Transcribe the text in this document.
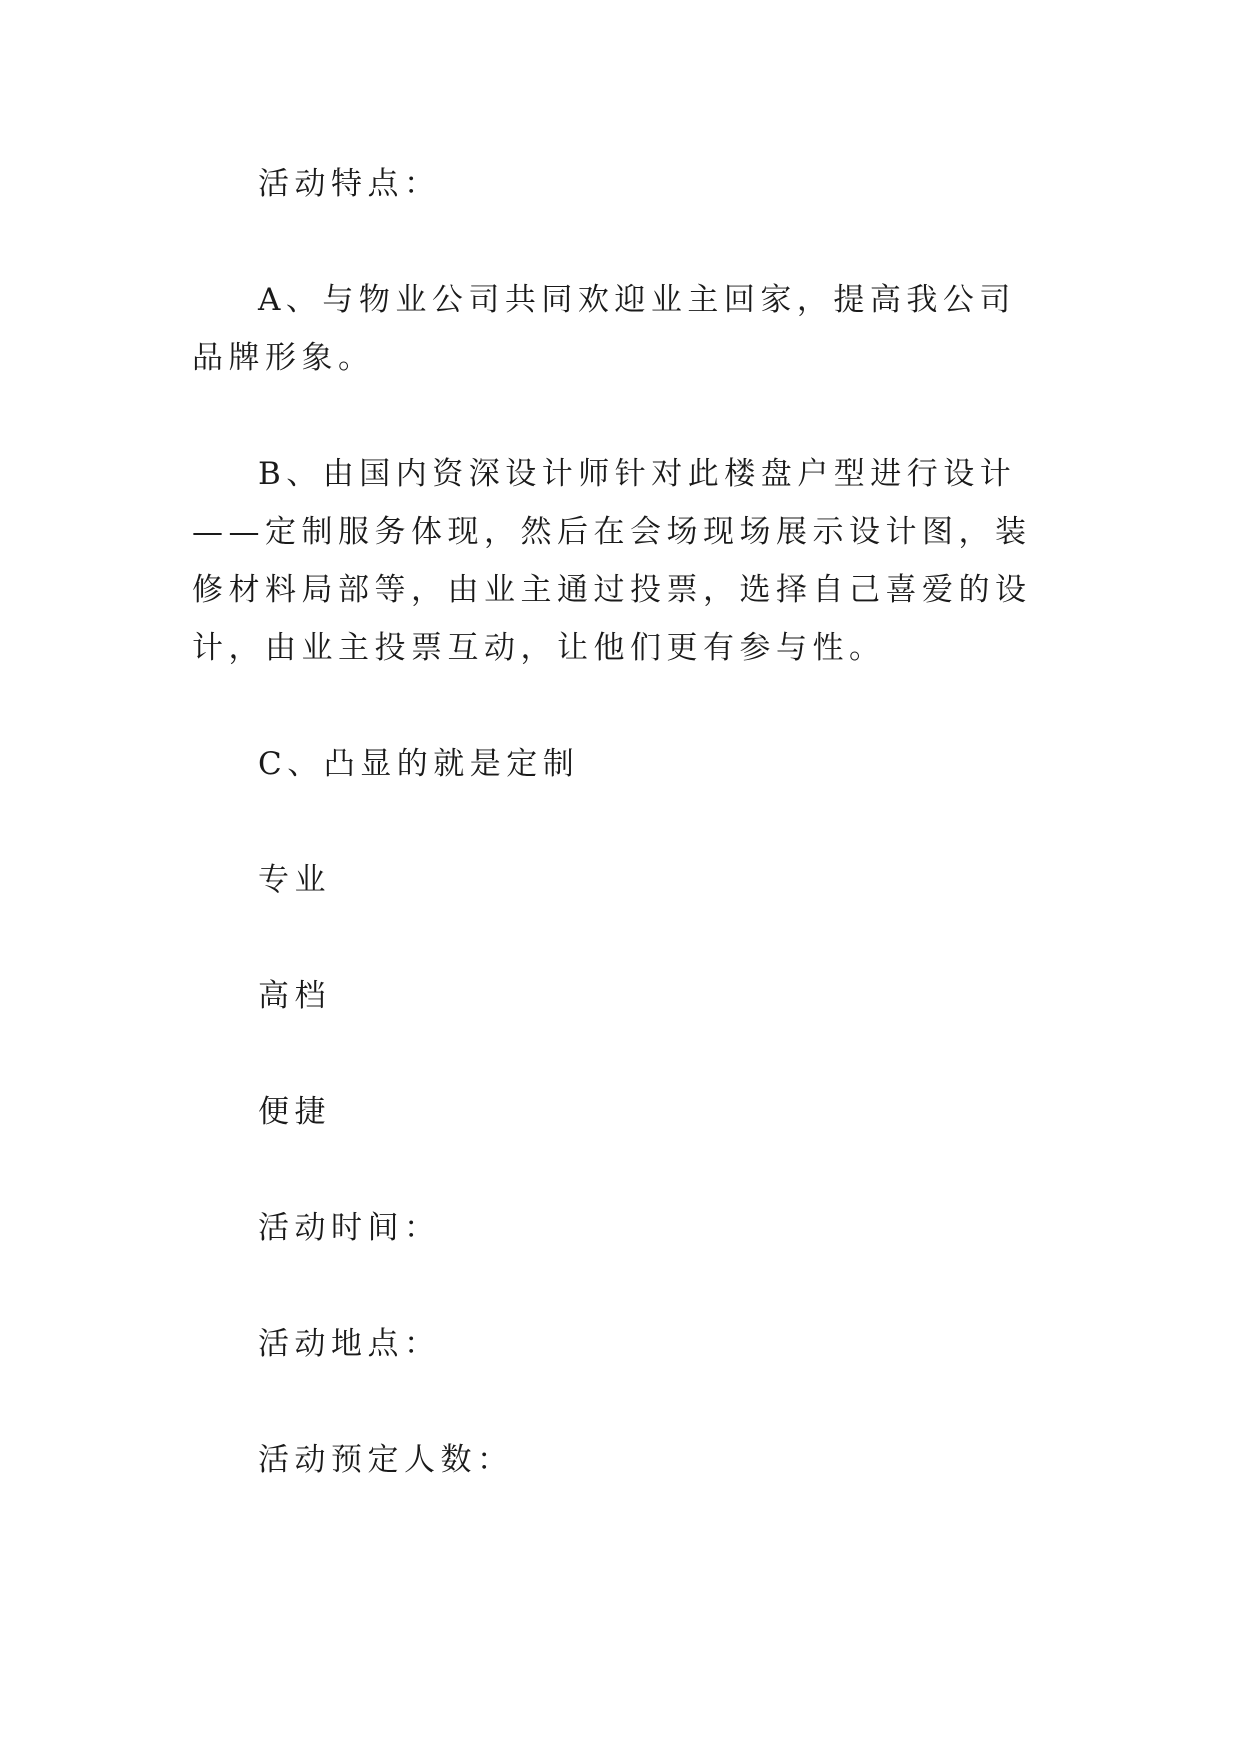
活动特点：

A、与物业公司共同欢迎业主回家，提高我公司品牌形象。

B、由国内资深设计师针对此楼盘户型进行设计——定制服务体现，然后在会场现场展示设计图，装修材料局部等，由业主通过投票，选择自己喜爱的设计，由业主投票互动，让他们更有参与性。

C、凸显的就是定制

专业

高档

便捷

活动时间：

活动地点：

活动预定人数：
